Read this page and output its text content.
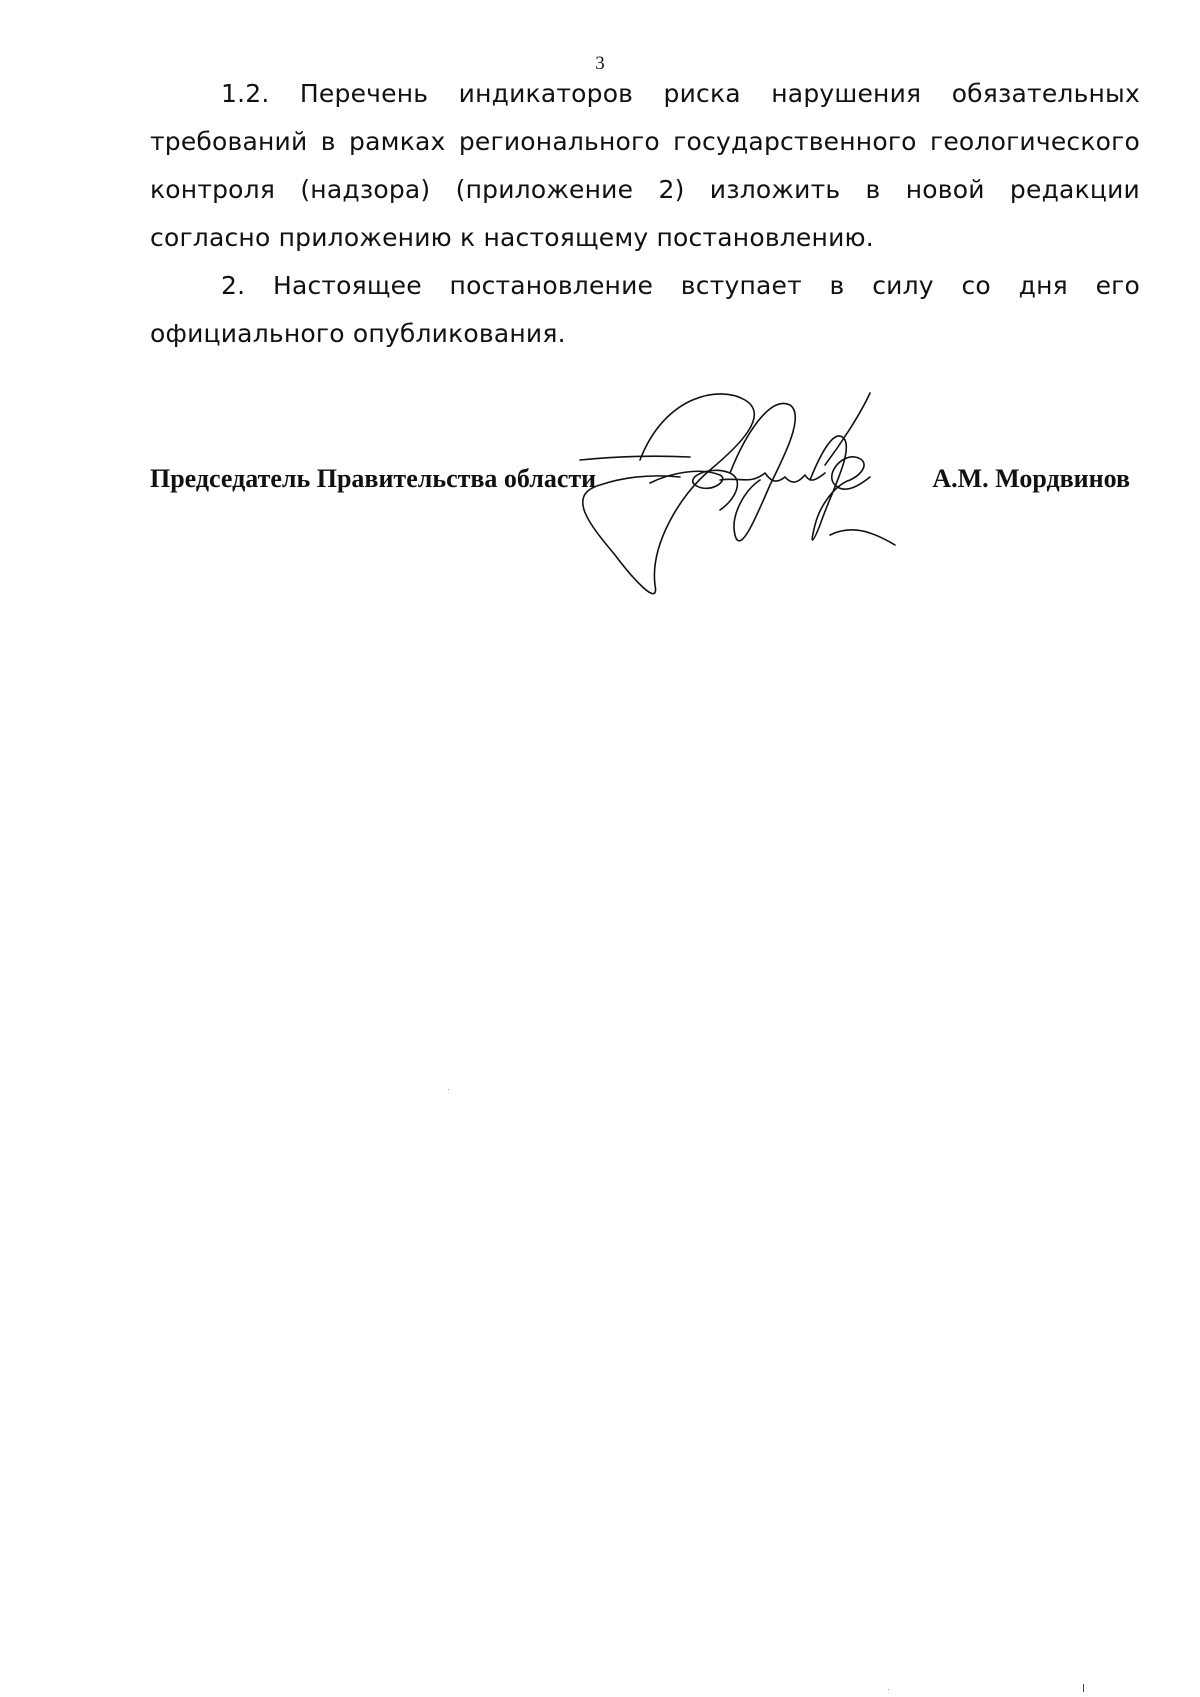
3

1.2. Перечень индикаторов риска нарушения обязательных требований в рамках регионального государственного геологического контроля (надзора) (приложение 2) изложить в новой редакции согласно приложению к настоящему постановлению.

2. Настоящее постановление вступает в силу со дня его официального опубликования.

Председатель Правительства области	А.М. Мордвинов
